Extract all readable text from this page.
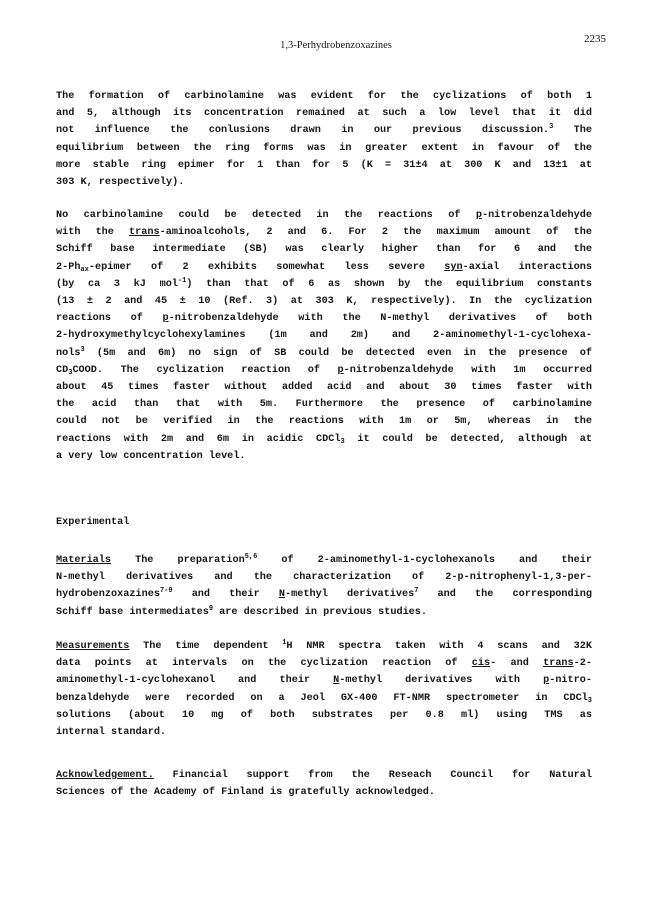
2235
1,3-Perhydrobenzoxazines
The formation of carbinolamine was evident for the cyclizations of both 1
and 5, although its concentration remained at such a low level that it did
not influence the conlusions drawn in our previous discussion.$^3$ The
equilibrium between the ring forms was in greater extent in favour of the
more stable ring epimer for 1 than for 5 (K = 31±4 at 300 K and 13±1 at
303 K, respectively).
No carbinolamine could be detected in the reactions of p-nitrobenzaldehyde
with the trans-aminoalcohols, 2 and 6. For 2 the maximum amount of the
Schiff base intermediate (SB) was clearly higher than for 6 and the
$2-Ph_{ax}$-epimer of 2 exhibits somewhat less severe syn-axial interactions
(by ca 3 kJ mol$^{-1}$) than that of 6 as shown by the equilibrium constants
(13 ± 2 and 45 ± 10 (Ref. 3) at 303 K, respectively). In the cyclization
reactions of p-nitrobenzaldehyde with the N-methyl derivatives of both
2-hydroxymethylcyclohexylamines (1m and 2m) and 2-aminomethyl-1-cyclohexa-
nols$^3$ (5m and 6m) no sign of SB could be detected even in the presence of
$CD_3COOD$. The cyclization reaction of p-nitrobenzaldehyde with 1m occurred
about 45 times faster without added acid and about 30 times faster with
the acid than that with 5m. Furthermore the presence of carbinolamine
could not be verified in the reactions with 1m or 5m, whereas in the
reactions with 2m and 6m in acidic CDCl$_3$ it could be detected, although at
a very low concentration level.
Experimental
Materials The preparation$^{5,6}$ of 2-aminomethyl-1-cyclohexanols and their
N-methyl derivatives and the characterization of 2-p-nitrophenyl-1,3-per-
hydrobenzoxazines$^{7-9}$ and their N-methyl derivatives$^7$ and the corresponding
Schiff base intermediates$^9$ are described in previous studies.
Measurements The time dependent $^1$H NMR spectra taken with 4 scans and 32K
data points at intervals on the cyclization reaction of cis- and trans-2-
aminomethyl-1-cyclohexanol and their N-methyl derivatives with p-nitro-
benzaldehyde were recorded on a Jeol GX-400 FT-NMR spectrometer in CDCl$_3$
solutions (about 10 mg of both substrates per 0.8 ml) using TMS as
internal standard.
Acknowledgement. Financial support from the Reseach Council for Natural
Sciences of the Academy of Finland is gratefully acknowledged.
